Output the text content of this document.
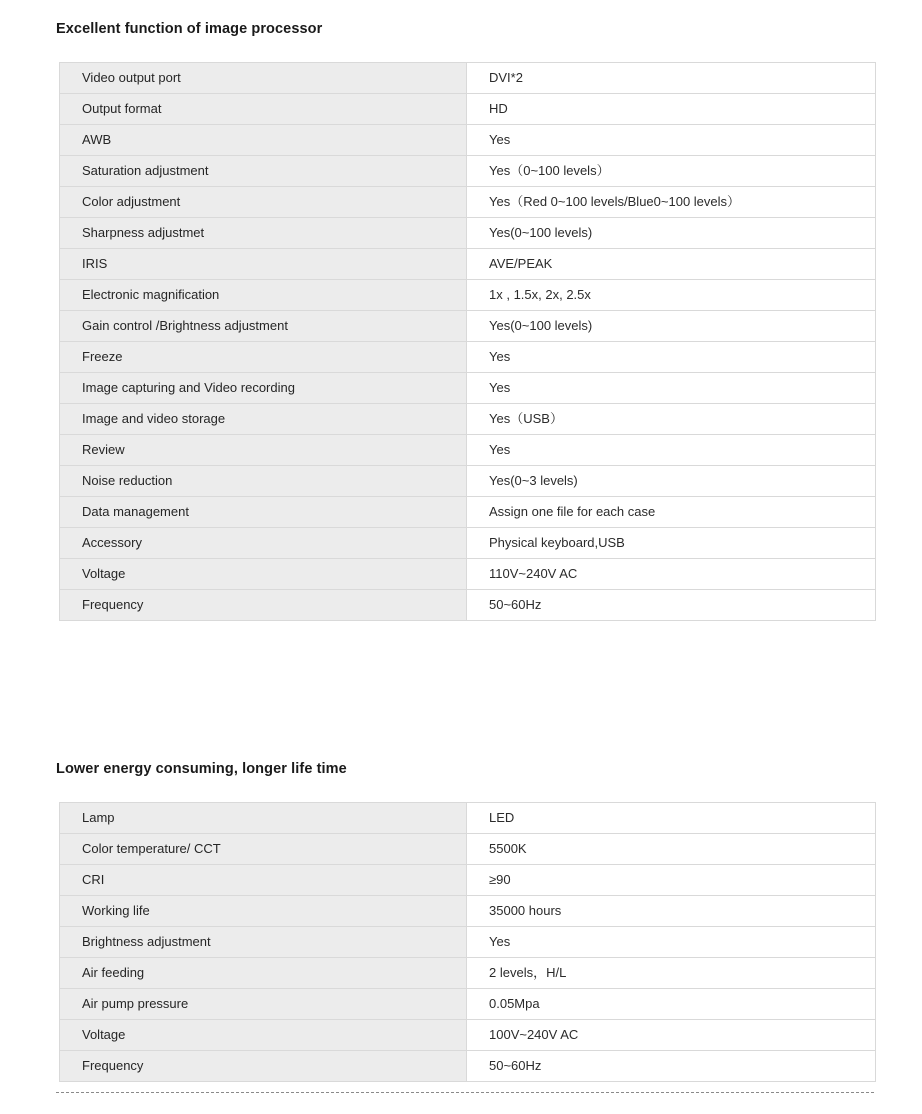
Excellent function of image processor
Video output port	DVI*2
Output format	HD
AWB	Yes
Saturation adjustment	Yes（0~100 levels）
Color adjustment	Yes（Red 0~100 levels/Blue0~100 levels）
Sharpness adjustmet	Yes(0~100 levels)
IRIS	AVE/PEAK
Electronic magnification	1x , 1.5x, 2x, 2.5x
Gain control /Brightness adjustment	Yes(0~100 levels)
Freeze	Yes
Image capturing and Video recording	Yes
Image and video storage	Yes（USB）
Review	Yes
Noise reduction	Yes(0~3 levels)
Data management	Assign one file for each case
Accessory	Physical keyboard,USB
Voltage	110V~240V AC
Frequency	50~60Hz
Lower energy consuming, longer life time
Lamp	LED
Color temperature/ CCT	5500K
CRI	≥90
Working life	35000 hours
Brightness adjustment	Yes
Air feeding	2 levels，H/L
Air pump pressure	0.05Mpa
Voltage	100V~240V AC
Frequency	50~60Hz
